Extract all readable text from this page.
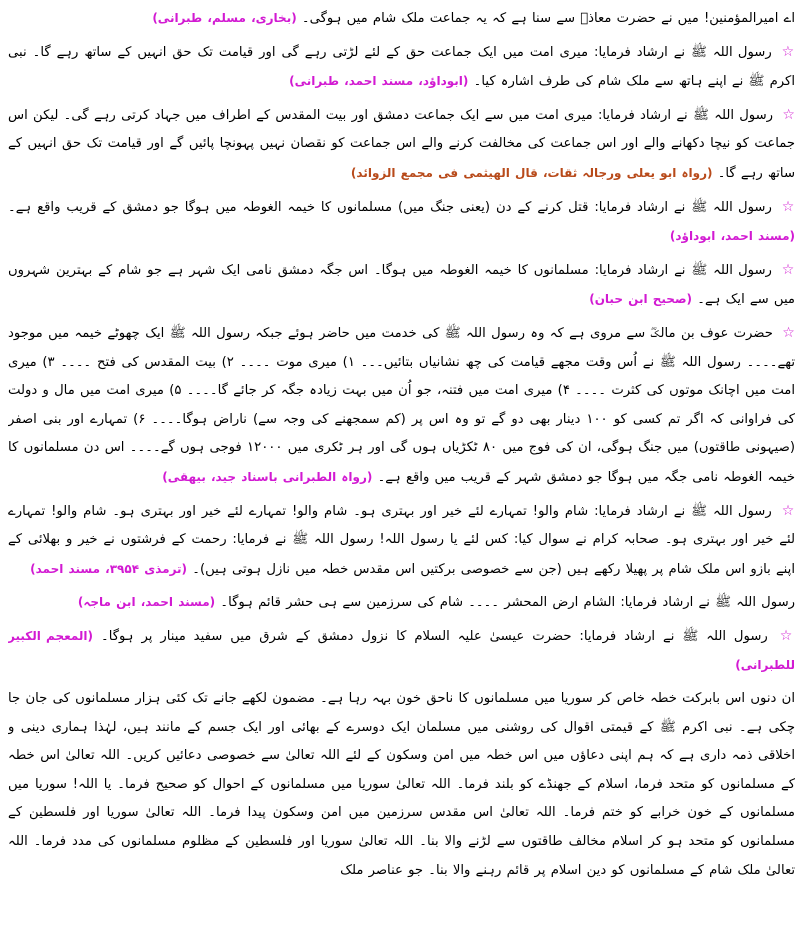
اے امیرالمؤمنین! میں نے حضرت معاذؓ سے سنا ہے کہ یہ جماعت ملک شام میں ہوگی۔ (بخاری، مسلم، طبرانی)

☆ رسول اللہ ﷺ نے ارشاد فرمایا: میری امت میں ایک جماعت حق کے لئے لڑتی رہے گی اور قیامت تک حق انہیں کے ساتھ رہے گا۔ نبی اکرم ﷺ نے اپنے ہاتھ سے ملک شام کی طرف اشارہ کیا۔ (ابوداؤد، مسند احمد، طبرانی)

☆ رسول اللہ ﷺ نے ارشاد فرمایا: میری امت میں سے ایک جماعت دمشق اور بیت المقدس کے اطراف میں جہاد کرتی رہے گی۔ لیکن اس جماعت کو نیچا دکھانے والے اور اس جماعت کی مخالفت کرنے والے اس جماعت کو نقصان نہیں پہونچا پائیں گے اور قیامت تک حق انہیں کے ساتھ رہے گا۔ (رواہ ابو یعلی ورجالہ ثقات، قال الهیثمی فی مجمع الزوائد)

☆ رسول اللہ ﷺ نے ارشاد فرمایا: قتل کرنے کے دن (یعنی جنگ میں) مسلمانوں کا خیمہ الغوطہ میں ہوگا جو دمشق کے قریب واقع ہے۔ (مسند احمد، ابوداؤد)

☆ رسول اللہ ﷺ نے ارشاد فرمایا: مسلمانوں کا خیمہ الغوطہ میں ہوگا۔ اس جگہ دمشق نامی ایک شہر ہے جو شام کے بہترین شہروں میں سے ایک ہے۔ (صحیح ابن حبان)

☆ حضرت عوف بن مالکؓ سے مروی ہے کہ وہ رسول اللہ ﷺ کی خدمت میں حاضر ہوئے جبکہ رسول اللہ ﷺ ایک چھوٹے خیمہ میں موجود تھے۔۔۔۔ رسول اللہ ﷺ نے اُس وقت مجھے قیامت کی چھ نشانیاں بتائیں۔۔۔ ۱) میری موت ۔۔۔۔ ۲) بیت المقدس کی فتح ۔۔۔۔ ۳) میری امت میں اچانک موتوں کی کثرت ۔۔۔۔ ۴) میری امت میں فتنہ، جو اُن میں بہت زیادہ جگہ کر جائے گا۔۔۔۔ ۵) میری امت میں مال و دولت کی فراوانی کہ اگر تم کسی کو ۱۰۰ دینار بھی دو گے تو وہ اس پر (کم سمجھنے کی وجہ سے) ناراض ہوگا۔۔۔۔ ۶) تمہارے اور بنی اصفر (صیہونی طاقتوں) میں جنگ ہوگی، ان کی فوج میں ۸۰ ٹکڑیاں ہوں گی اور ہر ٹکری میں ۱۲۰۰۰ فوجی ہوں گے۔۔۔۔ اس دن مسلمانوں کا خیمہ الغوطہ نامی جگہ میں ہوگا جو دمشق شہر کے قریب میں واقع ہے۔ (رواہ الطبرانی باسناد جید، بیهقی)

☆ رسول اللہ ﷺ نے ارشاد فرمایا: شام والو! تمہارے لئے خیر اور بہتری ہو۔ شام والو! تمہارے لئے خیر اور بہتری ہو۔ شام والو! تمہارے لئے خیر اور بہتری ہو۔ صحابہ کرام نے سوال کیا: کس لئے یا رسول اللہ! رسول اللہ ﷺ نے فرمایا: رحمت کے فرشتوں نے خیر و بھلائی کے اپنے بازو اس ملک شام پر پھیلا رکھے ہیں (جن سے خصوصی برکتیں اس مقدس خطہ میں نازل ہوتی ہیں)۔ (ترمذی ۳۹۵۴، مسند احمد)

رسول اللہ ﷺ نے ارشاد فرمایا: الشام ارض المحشر ۔۔۔۔ شام کی سرزمین سے ہی حشر قائم ہوگا۔ (مسند احمد، ابن ماجہ)

☆ رسول اللہ ﷺ نے ارشاد فرمایا: حضرت عیسیٰ علیہ السلام کا نزول دمشق کے شرق میں سفید مینار پر ہوگا۔ (المعجم الکبیر للطبرانی)

ان دنوں اس بابرکت خطہ خاص کر سوریا میں مسلمانوں کا ناحق خون بہہ رہا ہے۔ مضمون لکھے جانے تک کئی ہزار مسلمانوں کی جان جا چکی ہے۔ نبی اکرم ﷺ کے قیمتی اقوال کی روشنی میں مسلمان ایک دوسرے کے بھائی اور ایک جسم کے مانند ہیں، لہٰذا ہماری دینی و اخلاقی ذمہ داری ہے کہ ہم اپنی دعاؤں میں اس خطہ میں امن وسکون کے لئے اللہ تعالیٰ سے خصوصی دعائیں کریں۔ اللہ تعالیٰ اس خطہ کے مسلمانوں کو متحد فرما، اسلام کے جھنڈے کو بلند فرما۔ اللہ تعالیٰ سوریا میں مسلمانوں کے احوال کو صحیح فرما۔ یا اللہ! سوریا میں مسلمانوں کے خون خرابے کو ختم فرما۔ اللہ تعالیٰ اس مقدس سرزمین میں امن وسکون پیدا فرما۔ اللہ تعالیٰ سوریا اور فلسطین کے مسلمانوں کو متحد ہو کر اسلام مخالف طاقتوں سے لڑنے والا بنا۔ اللہ تعالیٰ سوریا اور فلسطین کے مظلوم مسلمانوں کی مدد فرما۔ اللہ تعالیٰ ملک شام کے مسلمانوں کو دین اسلام پر قائم رہنے والا بنا۔ جو عناصر ملک
